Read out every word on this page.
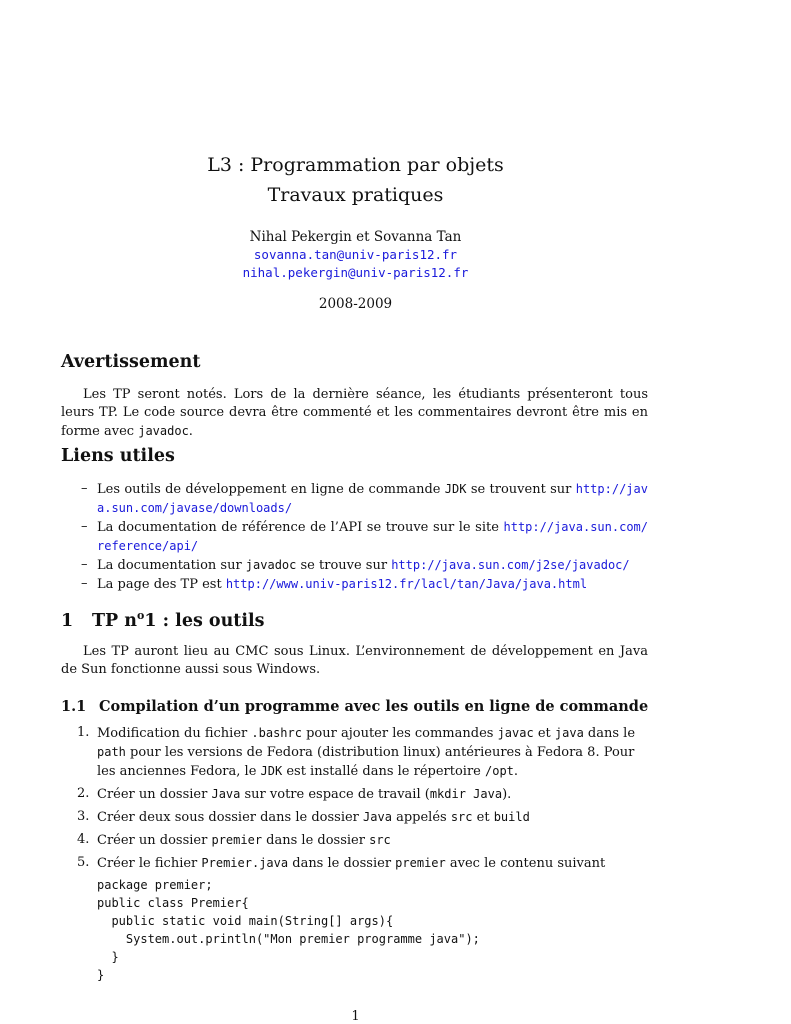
L3 : Programmation par objets
Travaux pratiques
Nihal Pekergin et Sovanna Tan
sovanna.tan@univ-paris12.fr
nihal.pekergin@univ-paris12.fr
2008-2009
Avertissement

Les TP seront notés. Lors de la dernière séance, les étudiants présenteront tous leurs TP. Le code source devra être commenté et les commentaires devront être mis en forme avec javadoc.

Liens utiles
– Les outils de développement en ligne de commande JDK se trouvent sur http://java.sun.com/javase/downloads/
– La documentation de référence de l’API se trouve sur le site http://java.sun.com/reference/api/
– La documentation sur javadoc se trouve sur http://java.sun.com/j2se/javadoc/
– La page des TP est http://www.univ-paris12.fr/lacl/tan/Java/java.html
1 TP $n^o1$ : les outils

Les TP auront lieu au CMC sous Linux. L’environnement de développement en Java de Sun fonctionne aussi sous Windows.

1.1 Compilation d’un programme avec les outils en ligne de commande
1. Modification du fichier .bashrc pour ajouter les commandes javac et java dans le path pour les versions de Fedora (distribution linux) antérieures à Fedora 8. Pour les anciennes Fedora, le JDK est installé dans le répertoire /opt.
2. Créer un dossier Java sur votre espace de travail (mkdir Java).
3. Créer deux sous dossier dans le dossier Java appelés src et build
4. Créer un dossier premier dans le dossier src
5. Créer le fichier Premier.java dans le dossier premier avec le contenu suivant
package premier;
public class Premier{
public static void main(String[] args){
System.out.println("Mon premier programme java");
}
}
1
